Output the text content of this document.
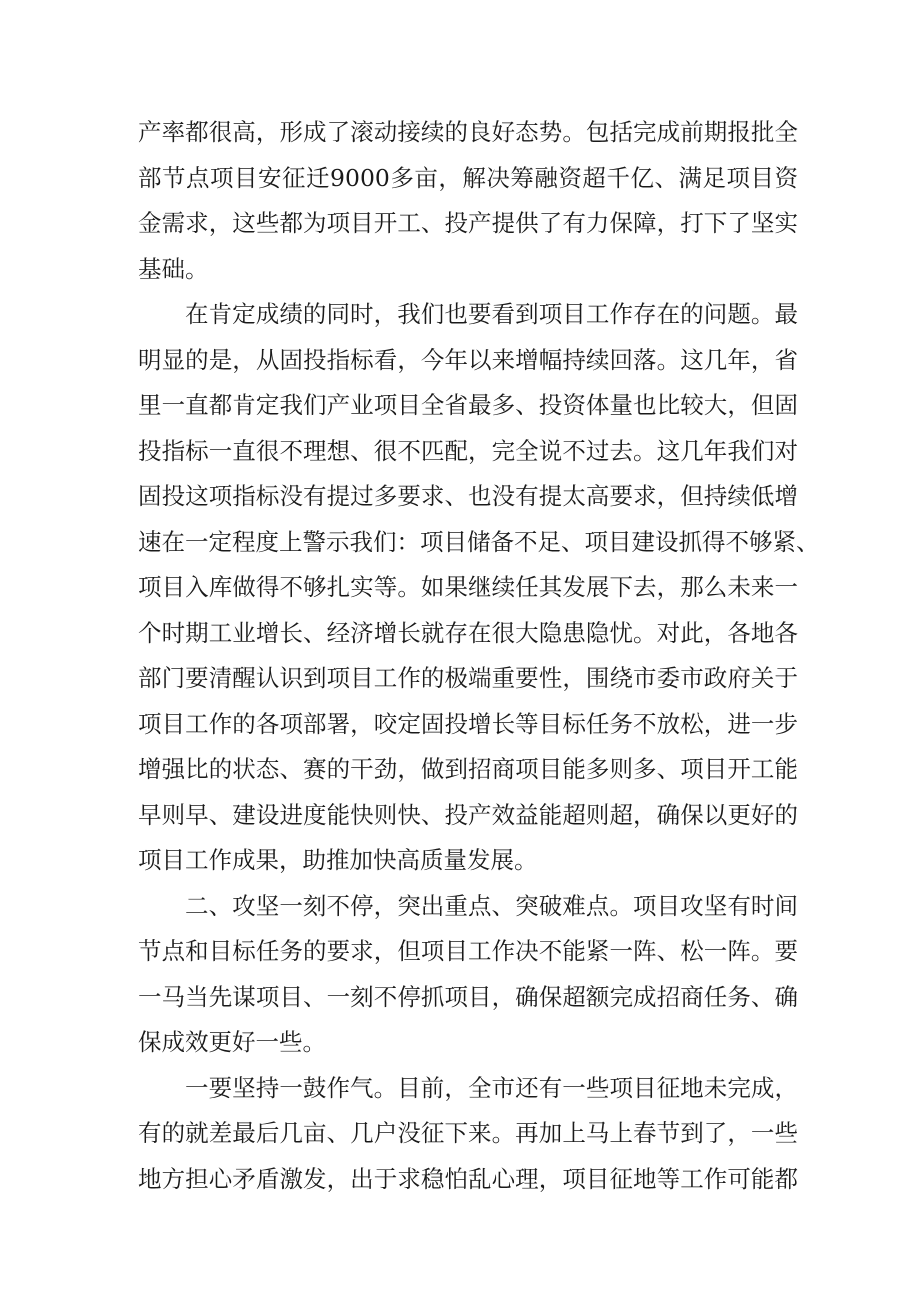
产率都很高，形成了滚动接续的良好态势。包括完成前期报批全
部节点项目安征迁9000多亩，解决筹融资超千亿、满足项目资
金需求，这些都为项目开工、投产提供了有力保障，打下了坚实
基础。
在肯定成绩的同时，我们也要看到项目工作存在的问题。最
明显的是，从固投指标看，今年以来增幅持续回落。这几年，省
里一直都肯定我们产业项目全省最多、投资体量也比较大，但固
投指标一直很不理想、很不匹配，完全说不过去。这几年我们对
固投这项指标没有提过多要求、也没有提太高要求，但持续低增
速在一定程度上警示我们：项目储备不足、项目建设抓得不够紧、
项目入库做得不够扎实等。如果继续任其发展下去，那么未来一
个时期工业增长、经济增长就存在很大隐患隐忧。对此，各地各
部门要清醒认识到项目工作的极端重要性，围绕市委市政府关于
项目工作的各项部署，咬定固投增长等目标任务不放松，进一步
增强比的状态、赛的干劲，做到招商项目能多则多、项目开工能
早则早、建设进度能快则快、投产效益能超则超，确保以更好的
项目工作成果，助推加快高质量发展。
二、攻坚一刻不停，突出重点、突破难点。项目攻坚有时间
节点和目标任务的要求，但项目工作决不能紧一阵、松一阵。要
一马当先谋项目、一刻不停抓项目，确保超额完成招商任务、确
保成效更好一些。
一要坚持一鼓作气。目前，全市还有一些项目征地未完成，
有的就差最后几亩、几户没征下来。再加上马上春节到了，一些
地方担心矛盾激发，出于求稳怕乱心理，项目征地等工作可能都
